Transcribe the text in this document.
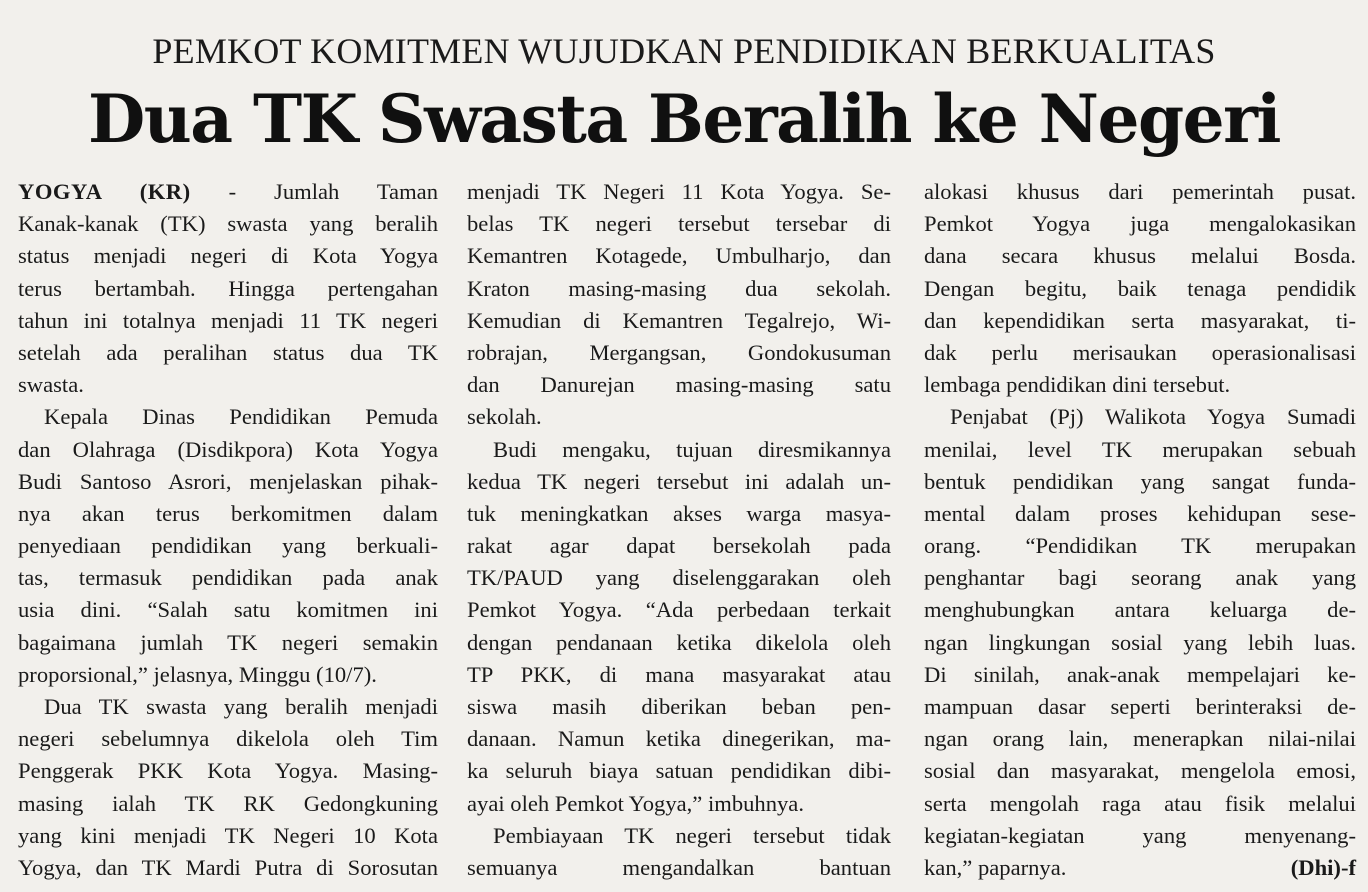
PEMKOT KOMITMEN WUJUDKAN PENDIDIKAN BERKUALITAS
Dua TK Swasta Beralih ke Negeri
YOGYA (KR) - Jumlah Taman
Kanak-kanak (TK) swasta yang beralih
status menjadi negeri di Kota Yogya
terus bertambah. Hingga pertengahan
tahun ini totalnya menjadi 11 TK negeri
setelah ada peralihan status dua TK
swasta.
Kepala Dinas Pendidikan Pemuda
dan Olahraga (Disdikpora) Kota Yogya
Budi Santoso Asrori, menjelaskan pihak-
nya akan terus berkomitmen dalam
penyediaan pendidikan yang berkuali-
tas, termasuk pendidikan pada anak
usia dini. “Salah satu komitmen ini
bagaimana jumlah TK negeri semakin
proporsional,” jelasnya, Minggu (10/7).
Dua TK swasta yang beralih menjadi
negeri sebelumnya dikelola oleh Tim
Penggerak PKK Kota Yogya. Masing-
masing ialah TK RK Gedongkuning
yang kini menjadi TK Negeri 10 Kota
Yogya, dan TK Mardi Putra di Sorosutan
menjadi TK Negeri 11 Kota Yogya. Se-
belas TK negeri tersebut tersebar di
Kemantren Kotagede, Umbulharjo, dan
Kraton masing-masing dua sekolah.
Kemudian di Kemantren Tegalrejo, Wi-
robrajan, Mergangsan, Gondokusuman
dan Danurejan masing-masing satu
sekolah.
Budi mengaku, tujuan diresmikannya
kedua TK negeri tersebut ini adalah un-
tuk meningkatkan akses warga masya-
rakat agar dapat bersekolah pada
TK/PAUD yang diselenggarakan oleh
Pemkot Yogya. “Ada perbedaan terkait
dengan pendanaan ketika dikelola oleh
TP PKK, di mana masyarakat atau
siswa masih diberikan beban pen-
danaan. Namun ketika dinegerikan, ma-
ka seluruh biaya satuan pendidikan dibi-
ayai oleh Pemkot Yogya,” imbuhnya.
Pembiayaan TK negeri tersebut tidak
semuanya mengandalkan bantuan
alokasi khusus dari pemerintah pusat.
Pemkot Yogya juga mengalokasikan
dana secara khusus melalui Bosda.
Dengan begitu, baik tenaga pendidik
dan kependidikan serta masyarakat, ti-
dak perlu merisaukan operasionalisasi
lembaga pendidikan dini tersebut.
Penjabat (Pj) Walikota Yogya Sumadi
menilai, level TK merupakan sebuah
bentuk pendidikan yang sangat funda-
mental dalam proses kehidupan sese-
orang. “Pendidikan TK merupakan
penghantar bagi seorang anak yang
menghubungkan antara keluarga de-
ngan lingkungan sosial yang lebih luas.
Di sinilah, anak-anak mempelajari ke-
mampuan dasar seperti berinteraksi de-
ngan orang lain, menerapkan nilai-nilai
sosial dan masyarakat, mengelola emosi,
serta mengolah raga atau fisik melalui
kegiatan-kegiatan yang menyenang-
kan,” paparnya.	(Dhi)-f
